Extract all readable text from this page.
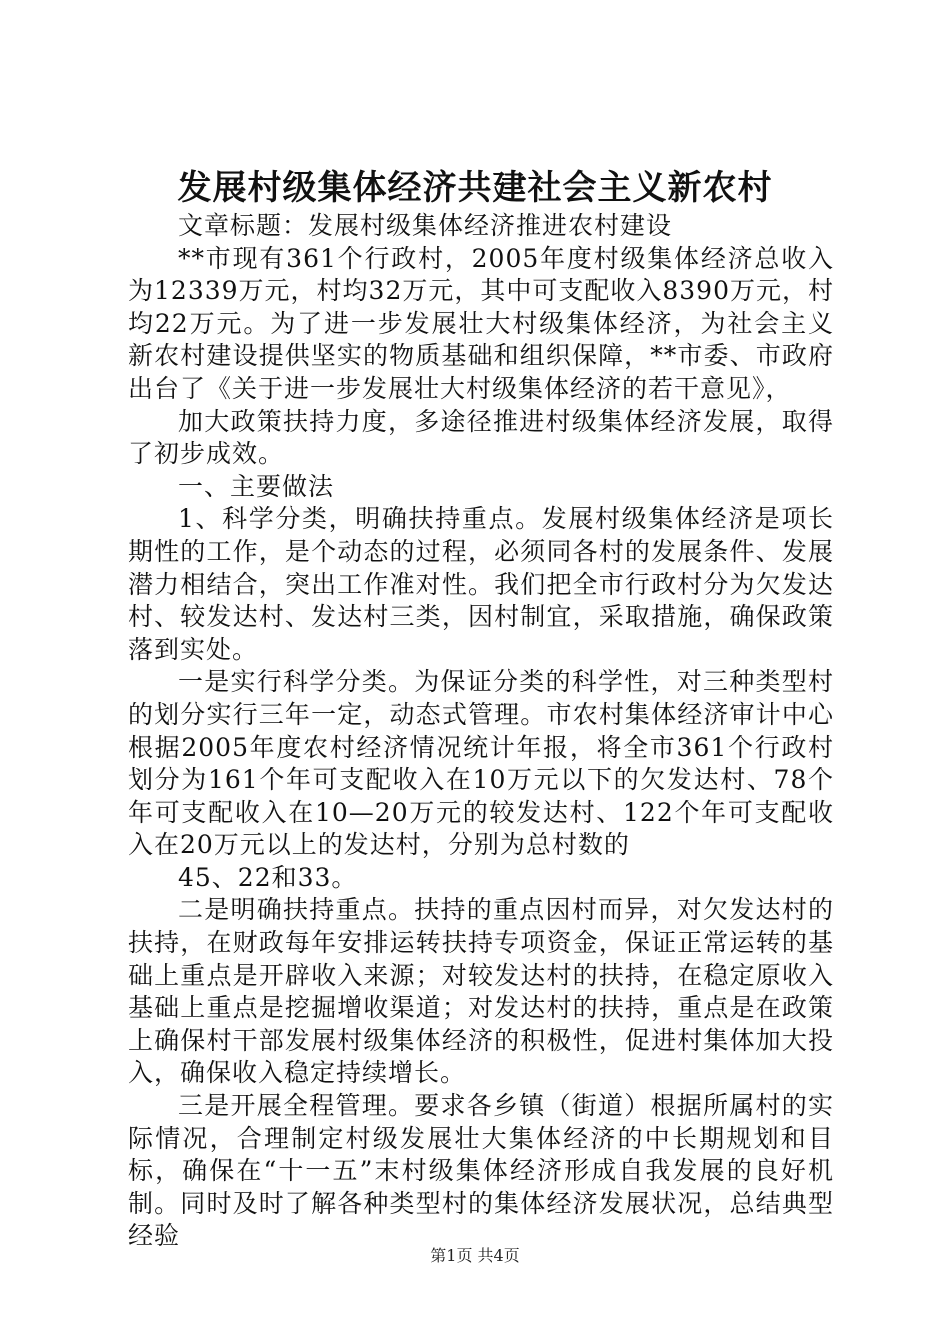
发展村级集体经济共建社会主义新农村

文章标题：发展村级集体经济推进农村建设

**市现有361个行政村，2005年度村级集体经济总收入为12339万元，村均32万元，其中可支配收入8390万元，村均22万元。为了进一步发展壮大村级集体经济，为社会主义新农村建设提供坚实的物质基础和组织保障，**市委、市政府出台了《关于进一步发展壮大村级集体经济的若干意见》，

加大政策扶持力度，多途径推进村级集体经济发展，取得了初步成效。

一、主要做法

1、科学分类，明确扶持重点。发展村级集体经济是项长期性的工作，是个动态的过程，必须同各村的发展条件、发展潜力相结合，突出工作准对性。我们把全市行政村分为欠发达村、较发达村、发达村三类，因村制宜，采取措施，确保政策落到实处。

一是实行科学分类。为保证分类的科学性，对三种类型村的划分实行三年一定，动态式管理。市农村集体经济审计中心根据2005年度农村经济情况统计年报，将全市361个行政村划分为161个年可支配收入在10万元以下的欠发达村、78个年可支配收入在10—20万元的较发达村、122个年可支配收入在20万元以上的发达村，分别为总村数的

45、22和33。

二是明确扶持重点。扶持的重点因村而异，对欠发达村的扶持，在财政每年安排运转扶持专项资金，保证正常运转的基础上重点是开辟收入来源；对较发达村的扶持，在稳定原收入基础上重点是挖掘增收渠道；对发达村的扶持，重点是在政策上确保村干部发展村级集体经济的积极性，促进村集体加大投入，确保收入稳定持续增长。

三是开展全程管理。要求各乡镇（街道）根据所属村的实际情况，合理制定村级发展壮大集体经济的中长期规划和目标，确保在“十一五”末村级集体经济形成自我发展的良好机制。同时及时了解各种类型村的集体经济发展状况，总结典型经验

第1页 共4页
